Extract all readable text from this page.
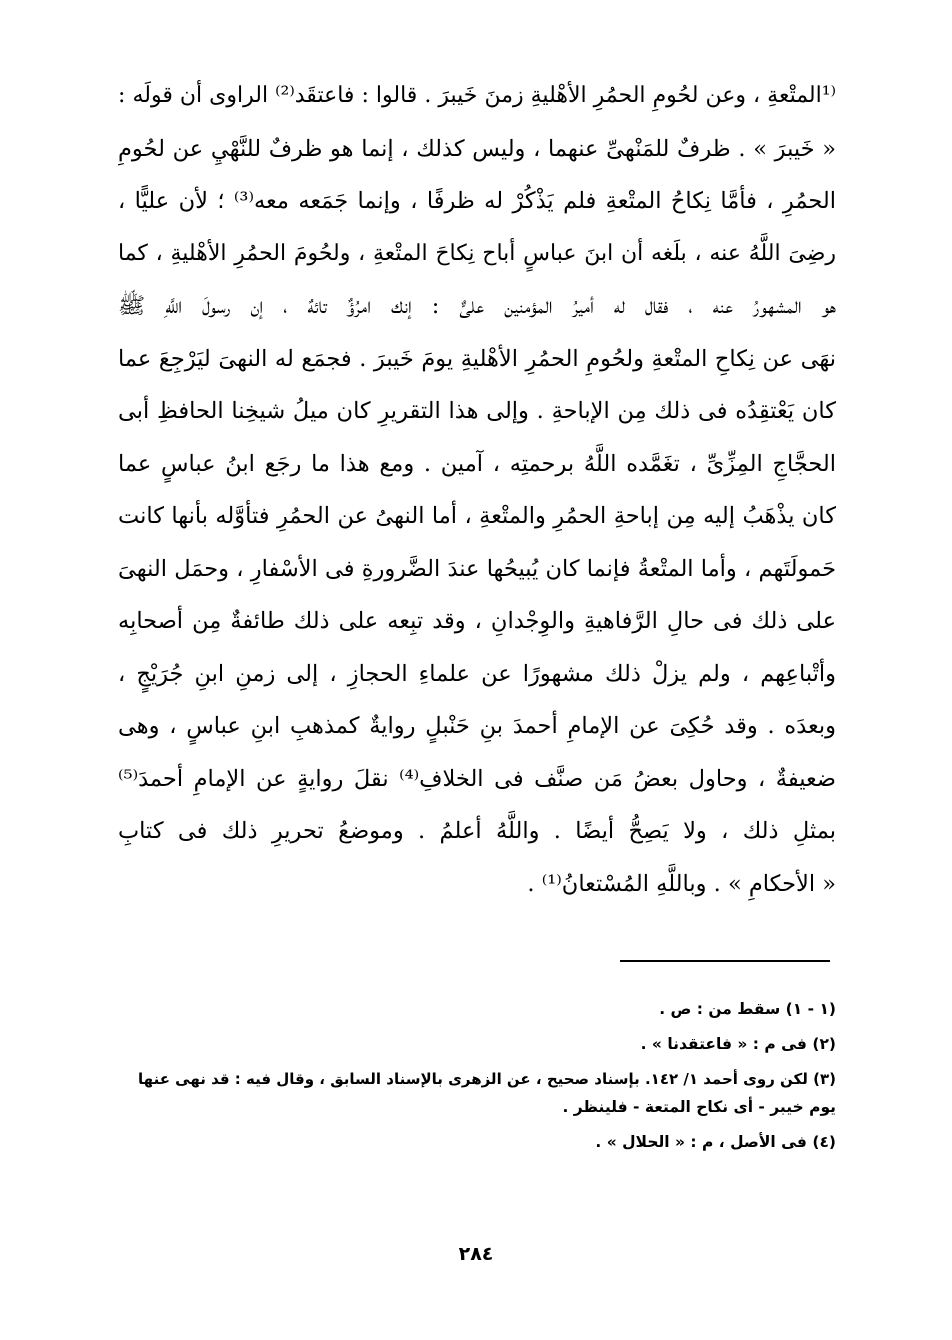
⁽¹المتْعةِ ، وعن لحُومِ الحمُرِ الأهْليةِ زمنَ خَيبرَ . قالوا : فاعتقَد⁽²⁾ الراوى أن قولَه :
« خَيبرَ » . ظرفٌ للمَنْهىِّ عنهما ، وليس كذلك ، إنما هو ظرفٌ للنَّهْيِ عن لحُومِ
الحمُرِ ، فأمَّا نِكاحُ المتْعةِ فلم يَذْكُرْ له ظرفًا ، وإنما جَمَعه معه⁽³⁾ ؛ لأن عليًّا ،
رضِىَ اللَّهُ عنه ، بلَغه أن ابنَ عباسٍ أباح نِكاحَ المتْعةِ ، ولحُومَ الحمُرِ الأهْليةِ ، كما
هو المشهورُ عنه ، فقال له أميرُ المؤمنين علىٌّ : إنك امرُؤٌ تائهٌ ، إن رسولَ اللَّهِ ﷺ
نهَى عن نِكاحِ المتْعةِ ولحُومِ الحمُرِ الأهْليةِ يومَ خَيبرَ . فجمَع له النهىَ ليَرْجِعَ عما
كان يَعْتقِدُه فى ذلك مِن الإباحةِ . وإلى هذا التقريرِ كان ميلُ شيخِنا الحافظِ أبى
الحجَّاجِ المِزِّىِّ ، تغَمَّده اللَّهُ برحمتِه ، آمين . ومع هذا ما رجَع ابنُ عباسٍ عما
كان يذْهَبُ إليه مِن إباحةِ الحمُرِ والمتْعةِ ، أما النهىُ عن الحمُرِ فتأوَّله بأنها كانت
حَمولَتَهم ، وأما المتْعةُ فإنما كان يُبيحُها عندَ الضَّرورةِ فى الأسْفارِ ، وحمَل النهىَ
على ذلك فى حالِ الرَّفاهيةِ والوِجْدانِ ، وقد تبِعه على ذلك طائفةٌ مِن أصحابِه
وأتْباعِهم ، ولم يزلْ ذلك مشهورًا عن علماءِ الحجازِ ، إلى زمنِ ابنِ جُرَيْجٍ ،
وبعدَه . وقد حُكِىَ عن الإمامِ أحمدَ بنِ حَنْبلٍ روايةٌ كمذهبِ ابنِ عباسٍ ، وهى
ضعيفةٌ ، وحاول بعضُ مَن صنَّف فى الخلافِ⁽⁴⁾ نقلَ روايةٍ عن الإمامِ أحمدَ⁽⁵⁾
بمثلِ ذلك ، ولا يَصِحُّ أيضًا . واللَّهُ أعلمُ . وموضعُ تحريرِ ذلك فى كتابِ
« الأحكامِ » . وباللَّهِ المُسْتعانُ⁽¹⁾ .
(١ - ١) سقط من : ص .
(٢) فى م : « فاعتقدنا » .
(٣) لكن روى أحمد ١/ ١٤٢. بإسناد صحيح ، عن الزهرى بالإسناد السابق ، وقال فيه : قد نهى عنها
يوم خيبر - أى نكاح المتعة - فلينظر .
(٤) فى الأصل ، م : « الحلال » .
٢٨٤
